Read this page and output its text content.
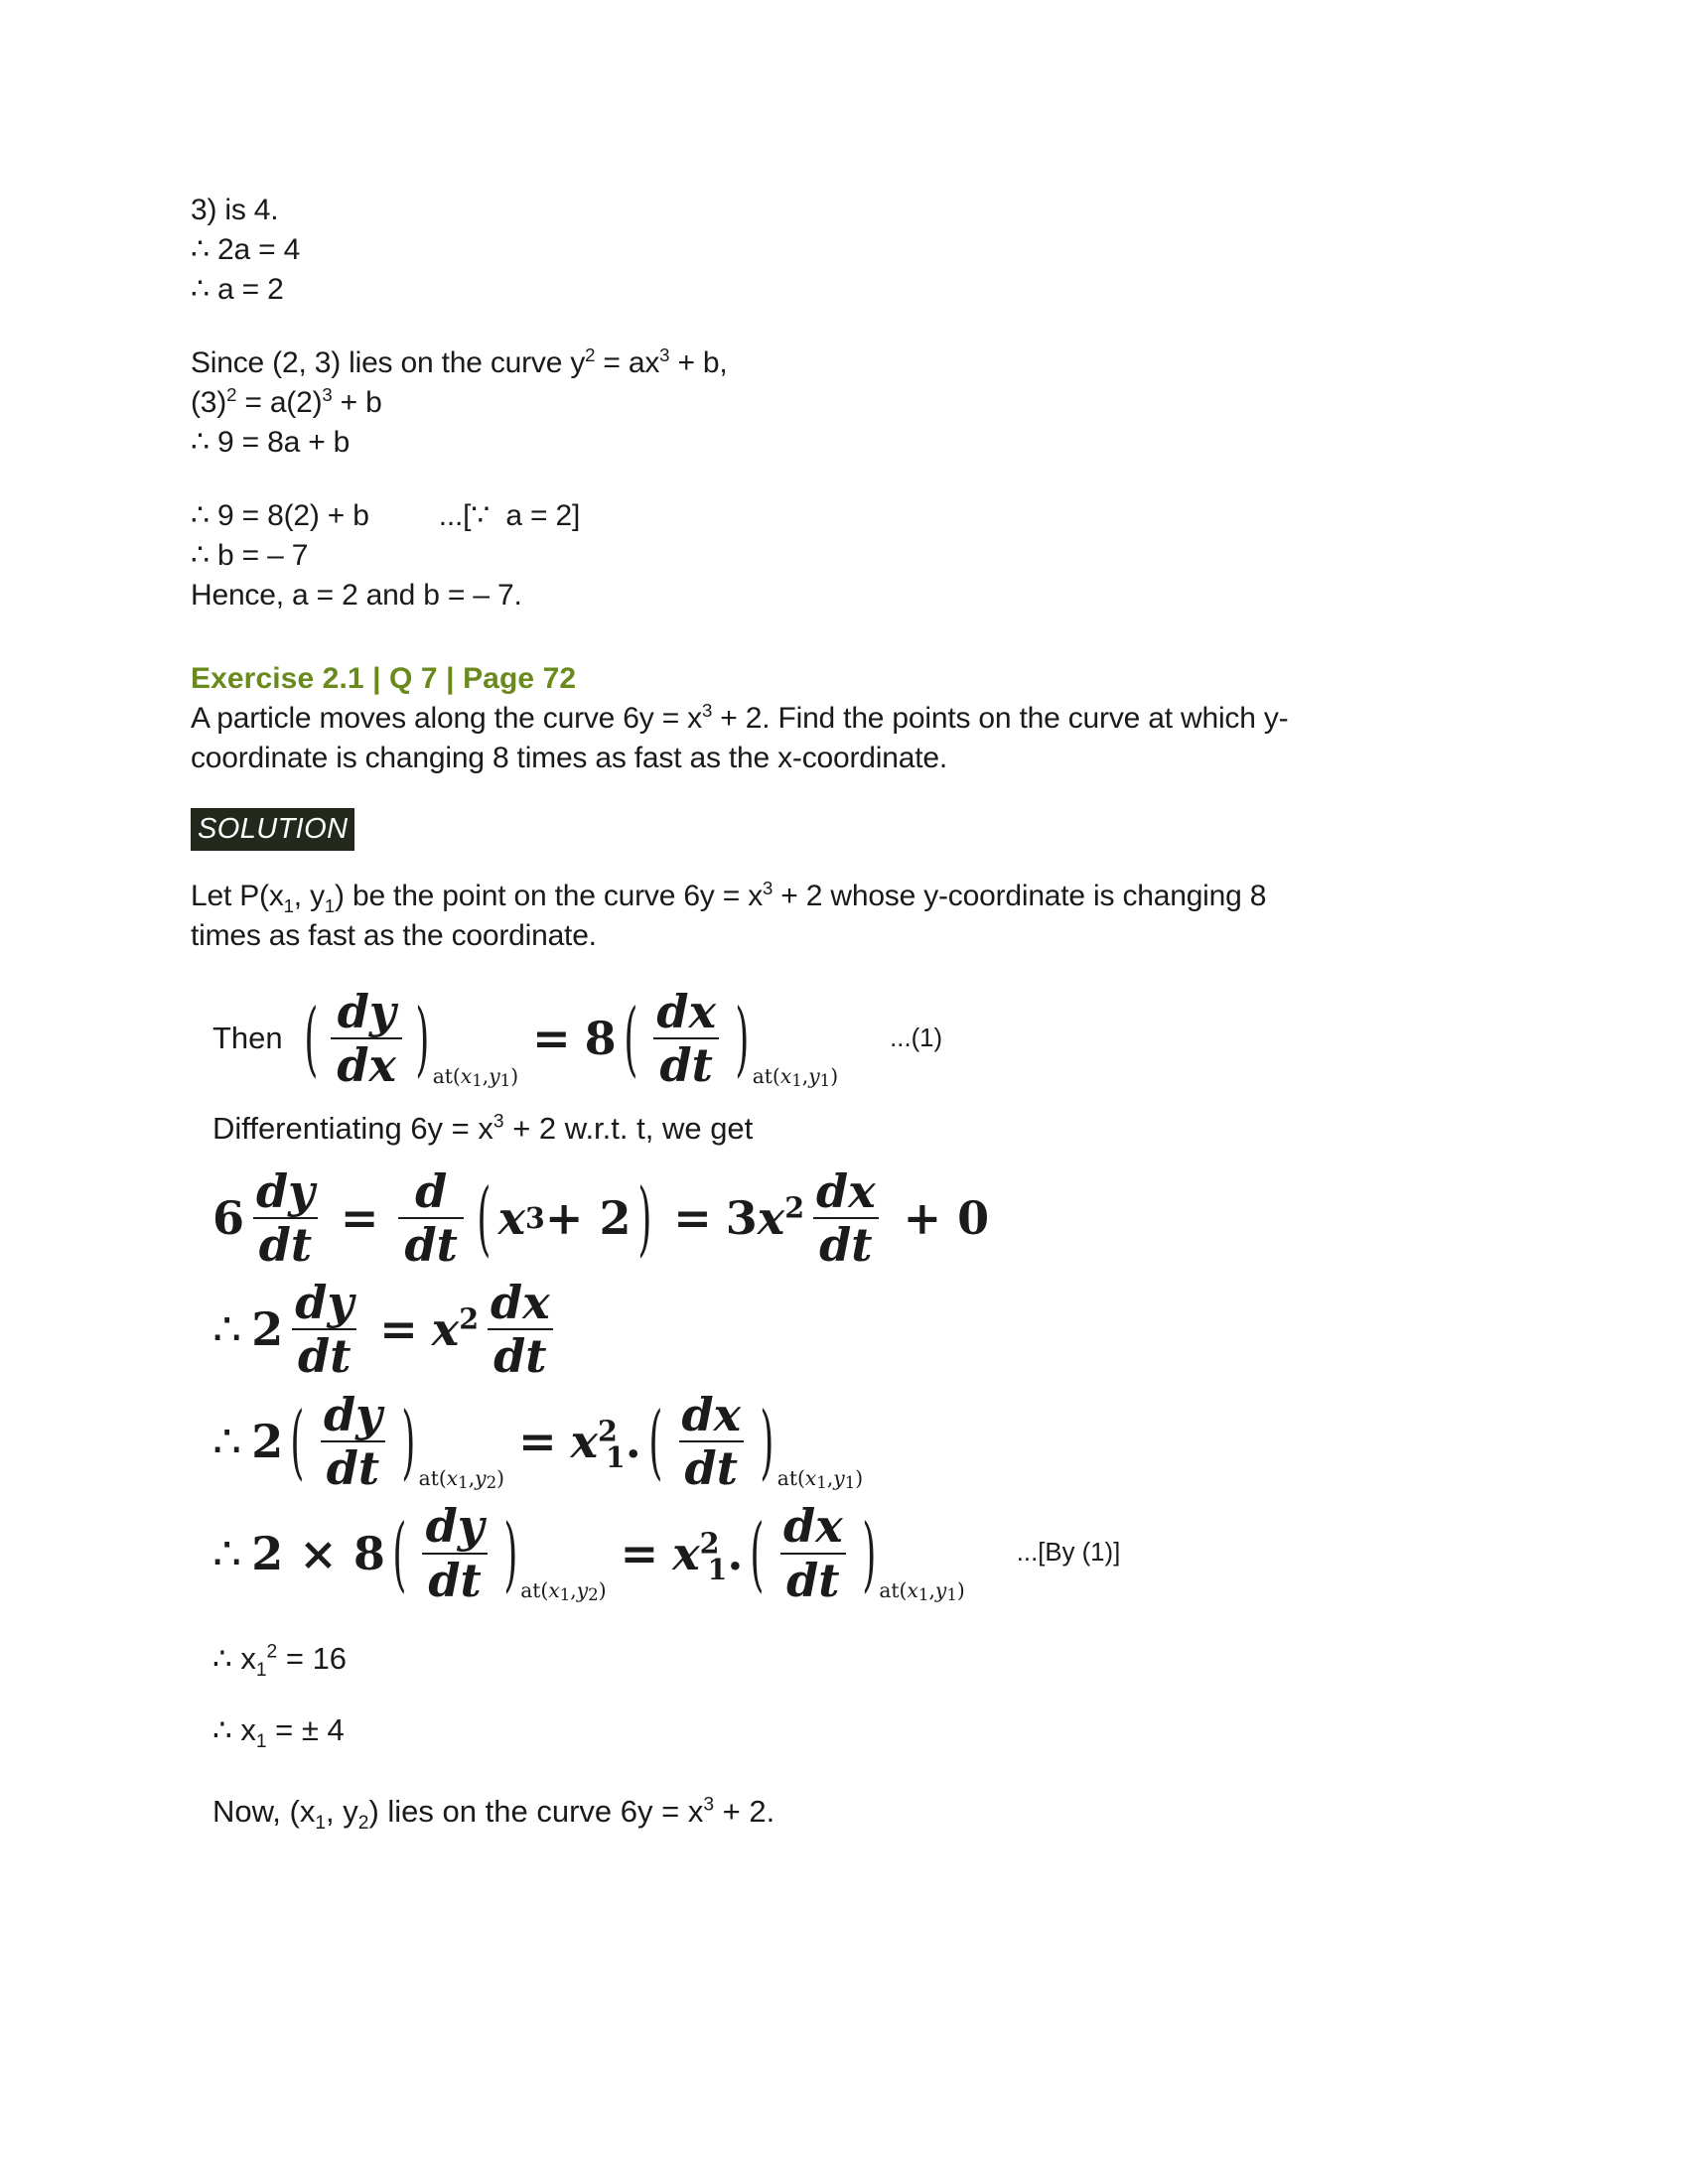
3) is 4.
∴ 2a = 4
∴ a = 2
Since (2, 3) lies on the curve $y^2 = ax^3 + b$,
$(3)^2 = a(2)^3 + b$
∴ 9 = 8a + b
∴ 9 = 8(2) + b ...[∵  a = 2]
∴ b = – 7
Hence, a = 2 and b = – 7.
Exercise 2.1 | Q 7 | Page 72
A particle moves along the curve $6y = x^3 + 2$. Find the points on the curve at which y-
coordinate is changing 8 times as fast as the x-coordinate.
SOLUTION
Let $P(x_1$, $y_1$) be the point on the curve $6y = x^3 + 2$ whose y-coordinate is changing 8
times as fast as the coordinate.
Then ( $\frac{dy}{dx}$ ) at(x1,y1)
= 8 ( $\frac{dx}{dt}$ ) at(x1,y1)
...(1)
Differentiating $6y = x^3 + 2$ w.r.t. t, we get
$6 \frac{dy}{dt} = \frac{d}{dt}$ ( x 3 + 2 ) = $3x^2 \frac{dx}{dt} + 0$
∴ $2 \frac{dy}{dt} = x^2 \frac{dx}{dt}$
∴ 2 ( $\frac{dy}{dt}$ ) at(x1,y2)
= $x^2_1$. ( $\frac{dx}{dt}$ ) at(x1,y1)
∴ 2 × 8 ( $\frac{dy}{dt}$ ) at(x1,y2)
= $x^2_1$. ( $\frac{dx}{dt}$ ) at(x1,y1)
...[By (1)]
∴ $x_1^2 = 16$
∴ $x_1$ = ± 4
Now, ($x_1$, $y_2$) lies on the curve $6y = x^3 + 2$.
